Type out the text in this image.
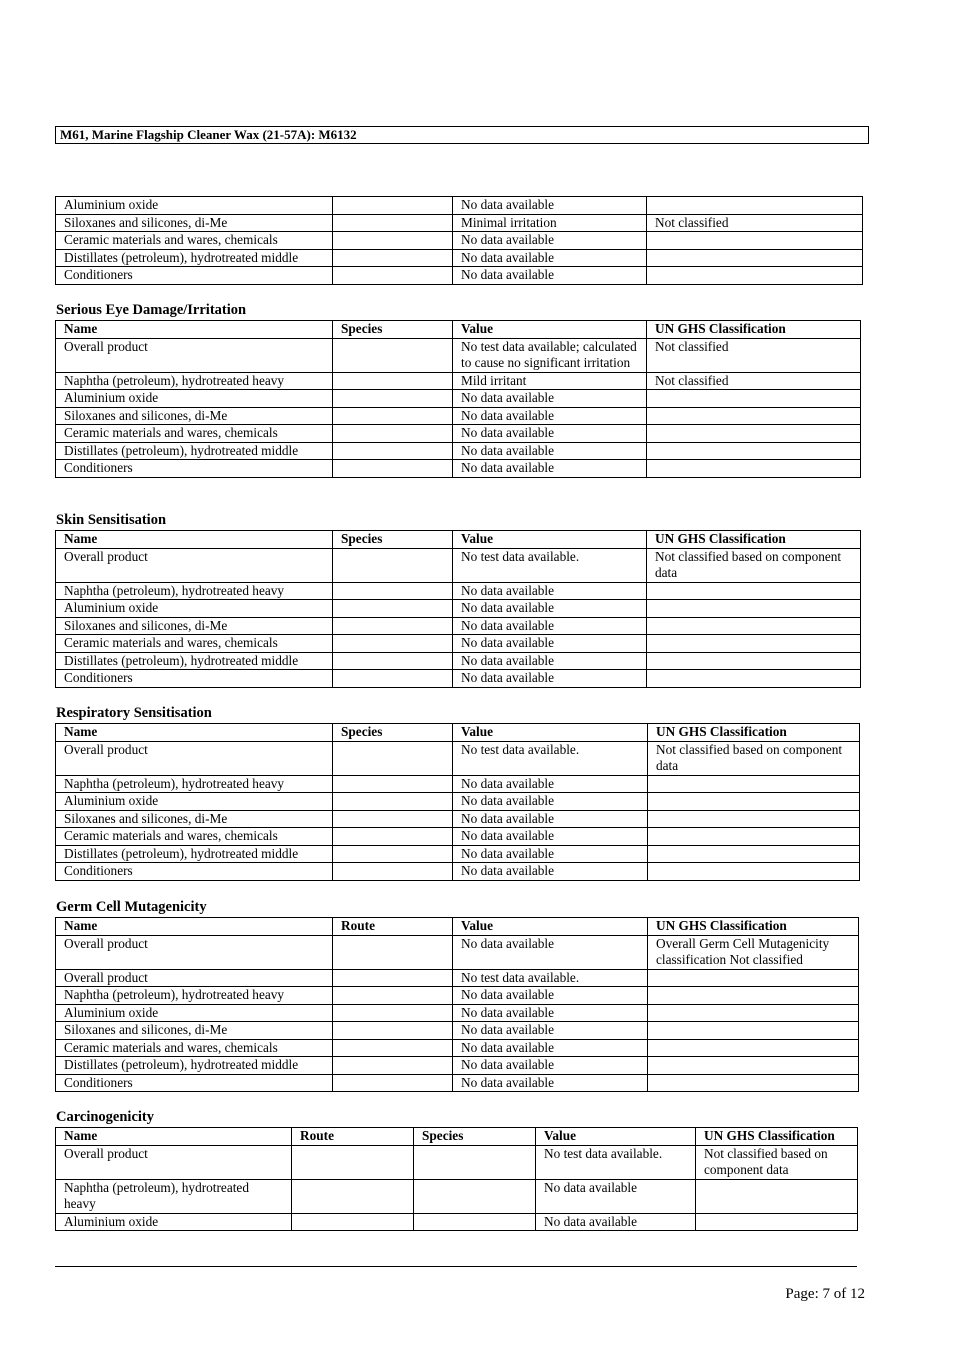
M61, Marine Flagship Cleaner Wax (21-57A): M6132
Aluminium oxide		No data available	
Siloxanes and silicones, di-Me		Minimal irritation	Not classified
Ceramic materials and wares, chemicals		No data available	
Distillates (petroleum), hydrotreated middle		No data available	
Conditioners		No data available	
Serious Eye Damage/Irritation
Name	Species	Value	UN GHS Classification
Overall product		No test data available; calculated to cause no significant irritation	Not classified
Naphtha (petroleum), hydrotreated heavy		Mild irritant	Not classified
Aluminium oxide		No data available	
Siloxanes and silicones, di-Me		No data available	
Ceramic materials and wares, chemicals		No data available	
Distillates (petroleum), hydrotreated middle		No data available	
Conditioners		No data available	
Skin Sensitisation
Name	Species	Value	UN GHS Classification
Overall product		No test data available.	Not classified based on component data
Naphtha (petroleum), hydrotreated heavy		No data available	
Aluminium oxide		No data available	
Siloxanes and silicones, di-Me		No data available	
Ceramic materials and wares, chemicals		No data available	
Distillates (petroleum), hydrotreated middle		No data available	
Conditioners		No data available	
Respiratory Sensitisation
Name	Species	Value	UN GHS Classification
Overall product		No test data available.	Not classified based on component data
Naphtha (petroleum), hydrotreated heavy		No data available	
Aluminium oxide		No data available	
Siloxanes and silicones, di-Me		No data available	
Ceramic materials and wares, chemicals		No data available	
Distillates (petroleum), hydrotreated middle		No data available	
Conditioners		No data available	
Germ Cell Mutagenicity
Name	Route	Value	UN GHS Classification
Overall product		No data available	Overall Germ Cell Mutagenicity classification Not classified
Overall product		No test data available.	
Naphtha (petroleum), hydrotreated heavy		No data available	
Aluminium oxide		No data available	
Siloxanes and silicones, di-Me		No data available	
Ceramic materials and wares, chemicals		No data available	
Distillates (petroleum), hydrotreated middle		No data available	
Conditioners		No data available	
Carcinogenicity
Name	Route	Species	Value	UN GHS Classification
Overall product			No test data available.	Not classified based on component data
Naphtha (petroleum), hydrotreated heavy			No data available	
Aluminium oxide			No data available	
Page: 7 of 12
